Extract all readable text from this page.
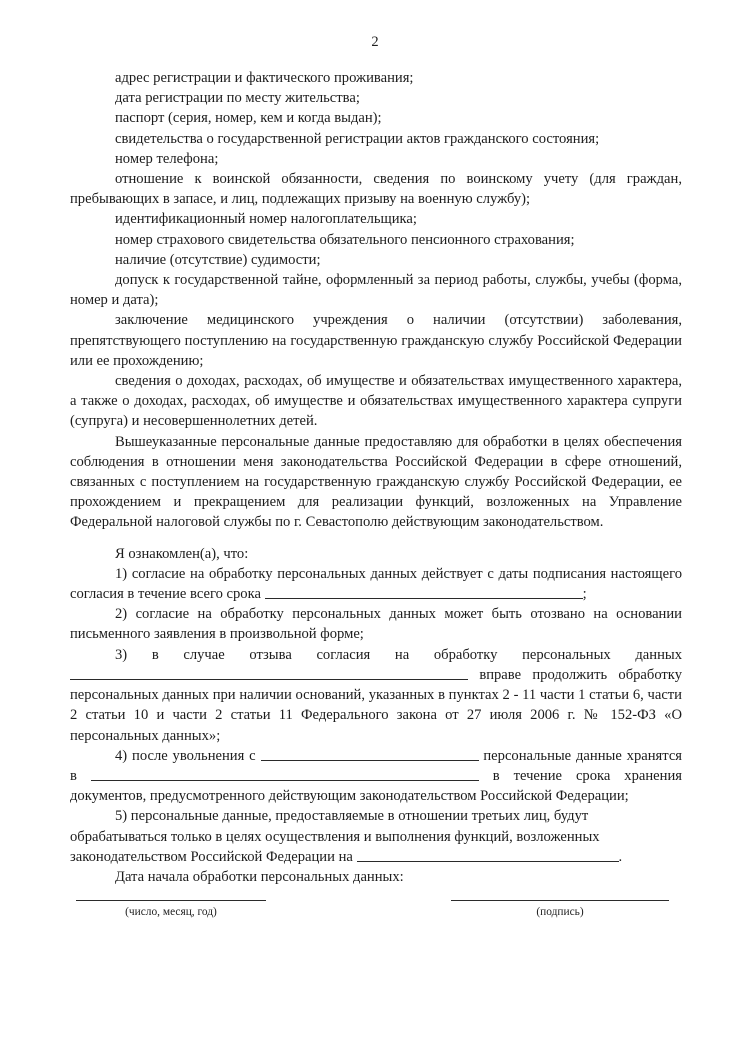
2

адрес регистрации и фактического проживания;

дата регистрации по месту жительства;

паспорт (серия, номер, кем и когда выдан);

свидетельства о государственной регистрации актов гражданского состояния;

номер телефона;

отношение к воинской обязанности, сведения по воинскому учету (для граждан, пребывающих в запасе, и лиц, подлежащих призыву на военную службу);

идентификационный номер налогоплательщика;

номер страхового свидетельства обязательного пенсионного страхования;

наличие (отсутствие) судимости;

допуск к государственной тайне, оформленный за период работы, службы, учебы (форма, номер и дата);

заключение медицинского учреждения о наличии (отсутствии) заболевания, препятствующего поступлению на государственную гражданскую службу Российской Федерации или ее прохождению;

сведения о доходах, расходах, об имуществе и обязательствах имущественного характера, а также о доходах, расходах, об имуществе и обязательствах имущественного характера супруги (супруга) и несовершеннолетних детей.

Вышеуказанные персональные данные предоставляю для обработки в целях обеспечения соблюдения в отношении меня законодательства Российской Федерации в сфере отношений, связанных с поступлением на государственную гражданскую службу Российской Федерации, ее прохождением и прекращением для реализации функций, возложенных на Управление Федеральной налоговой службы по г. Севастополю действующим законодательством.

Я ознакомлен(а), что:

1) согласие на обработку персональных данных действует с даты подписания настоящего согласия в течение всего срока	;

2) согласие на обработку персональных данных может быть отозвано на основании письменного заявления в произвольной форме;

3) в случае отзыва согласия на обработку персональных данных  вправе продолжить обработку персональных данных при наличии оснований, указанных в пунктах 2 - 11 части 1 статьи 6, части 2 статьи 10 и части 2 статьи 11 Федерального закона от 27 июля 2006 г. № 152-ФЗ «О персональных данных»;

4) после увольнения с	персональные данные хранятся в	в течение срока хранения документов, предусмотренного действующим законодательством Российской Федерации;

5) персональные данные, предоставляемые в отношении третьих лиц, будут обрабатываться только в целях осуществления и выполнения функций, возложенных законодательством Российской Федерации на	.

Дата начала обработки персональных данных:

(число, месяц, год)	(подпись)
